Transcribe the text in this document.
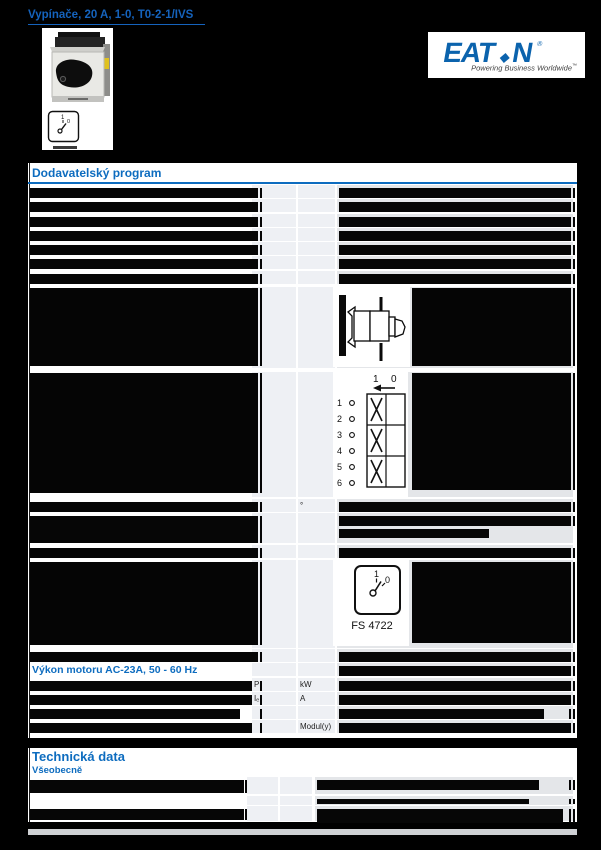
Vypínače, 20 A, 1-0, T0-2-1/IVS
1
0
EAT N ®
Powering Business Worldwide™
Dodavatelský program
°
P	kW
Iₑ	A
Modul(y)
1 0
1
2
3
4
5
6
1
0
FS 4722
Výkon motoru AC-23A, 50 - 60 Hz
Technická data
Všeobecně
